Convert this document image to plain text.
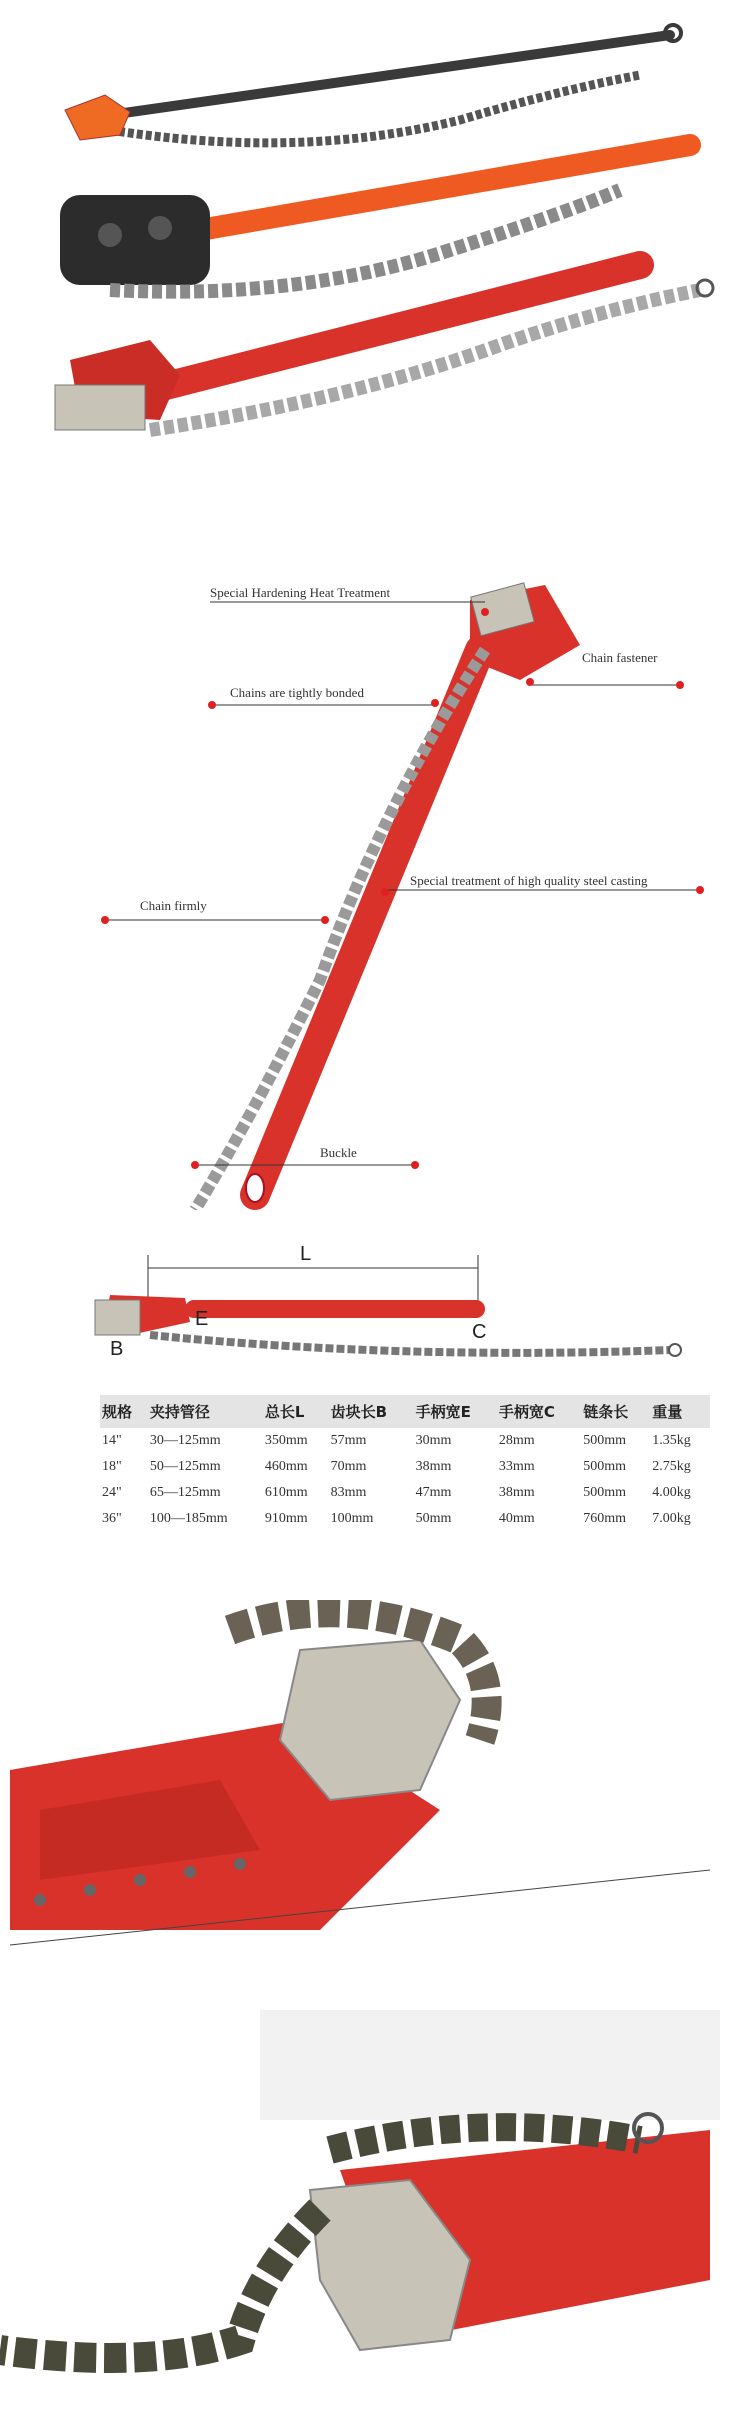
Special Hardening Heat Treatment
Chain fastener
Chains are tightly bonded
Chain firmly
Special treatment of high quality steel casting
Buckle
L
E
B
C
规格	夹持管径	总长L	齿块长B	手柄宽E	手柄宽C	链条长	重量
14"	30—125mm	350mm	57mm	30mm	28mm	500mm	1.35kg
18"	50—125mm	460mm	70mm	38mm	33mm	500mm	2.75kg
24"	65—125mm	610mm	83mm	47mm	38mm	500mm	4.00kg
36"	100—185mm	910mm	100mm	50mm	40mm	760mm	7.00kg
